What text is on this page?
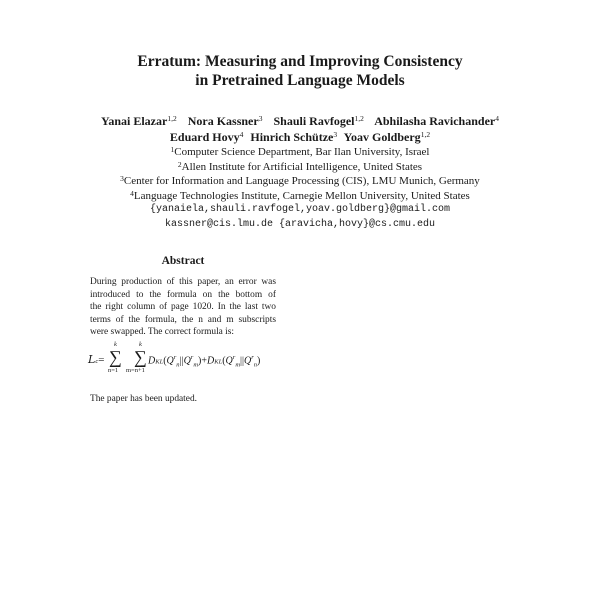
Erratum: Measuring and Improving Consistency
in Pretrained Language Models
Yanai Elazar$^{1,2}$ Nora Kassner$^3$ Shauli Ravfogel$^{1,2}$ Abhilasha Ravichander$^4$
Eduard Hovy$^4$ Hinrich Schütze$^3$ Yoav Goldberg$^{1,2}$
$^1$Computer Science Department, Bar Ilan University, Israel
$^2$Allen Institute for Artificial Intelligence, United States
$^3$Center for Information and Language Processing (CIS), LMU Munich, Germany
$^4$Language Technologies Institute, Carnegie Mellon University, United States
{yanaiela,shauli.ravfogel,yoav.goldberg}@gmail.com
kassner@cis.lmu.de {aravicha,hovy}@cs.cmu.edu
Abstract
During production of this paper, an error was
introduced to the formula on the bottom of
the right column of page 1020. In the last two
terms of the formula, the n and m subscripts
were swapped. The correct formula is:
Lc=
k
∑
n=1
k
∑
m=n+1
$DKL(Q^r_n||Q^r_m)+DKL(Q^r_m||Q^r_n)$
The paper has been updated.
